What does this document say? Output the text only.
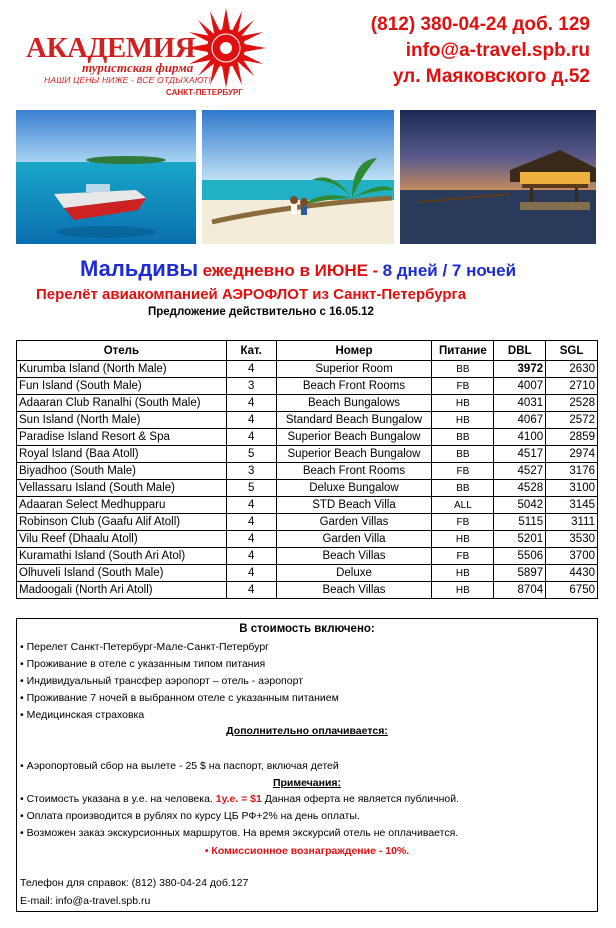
АКАДЕМИЯ
туристская фирма
НАШИ ЦЕНЫ НИЖЕ - ВСЕ ОТДЫХАЮТ!
САНКТ-ПЕТЕРБУРГ
(812) 380-04-24 доб. 129
info@a-travel.spb.ru
ул. Маяковского д.52
Мальдивы ежедневно в ИЮНЕ - 8 дней / 7 ночей
Перелёт авиакомпанией АЭРОФЛОТ из Санкт-Петербурга
Предложение действительно с 16.05.12
Отель	Кат.	Номер	Питание	DBL	SGL
Kurumba Island (North Male)	4	Superior Room	BB	3972	2630
Fun Island (South Male)	3	Beach Front Rooms	FB	4007	2710
Adaaran Club Ranalhi (South Male)	4	Beach Bungalows	HB	4031	2528
Sun Island (North Male)	4	Standard Beach Bungalow	HB	4067	2572
Paradise Island Resort & Spa	4	Superior Beach Bungalow	BB	4100	2859
Royal Island (Baa Atoll)	5	Superior Beach Bungalow	BB	4517	2974
Biyadhoo (South Male)	3	Beach Front Rooms	FB	4527	3176
Vellassaru Island (South Male)	5	Deluxe Bungalow	BB	4528	3100
Adaaran Select Medhupparu	4	STD Beach Villa	ALL	5042	3145
Robinson Club (Gaafu Alif Atoll)	4	Garden Villas	FB	5115	3111
Vilu Reef (Dhaalu Atoll)	4	Garden Villa	HB	5201	3530
Kuramathi Island (South Ari Atol)	4	Beach Villas	FB	5506	3700
Olhuveli Island (South Male)	4	Deluxe	HB	5897	4430
Madoogali (North Ari Atoll)	4	Beach Villas	HB	8704	6750
В стоимость включено:
• Перелет Санкт-Петербург-Мале-Санкт-Петербург
• Проживание в отеле с указанным типом питания
• Индивидуальный трансфер аэропорт – отель - аэропорт
• Проживание 7 ночей в выбранном отеле с указанным питанием
• Медицинская страховка
Дополнительно оплачивается:
• Аэропортовый сбор на вылете - 25 $ на паспорт, включая детей
Примечания:
• Стоимость указана в у.е. на человека. 1у.е. = $1 Данная оферта не является публичной.
• Оплата производится в рублях по курсу ЦБ РФ+2% на день оплаты.
• Возможен заказ экскурсионных маршрутов. На время экскурсий отель не оплачивается.
• Комиссионное вознаграждение - 10%.
Телефон для справок: (812) 380-04-24 доб.127
E-mail: info@a-travel.spb.ru
